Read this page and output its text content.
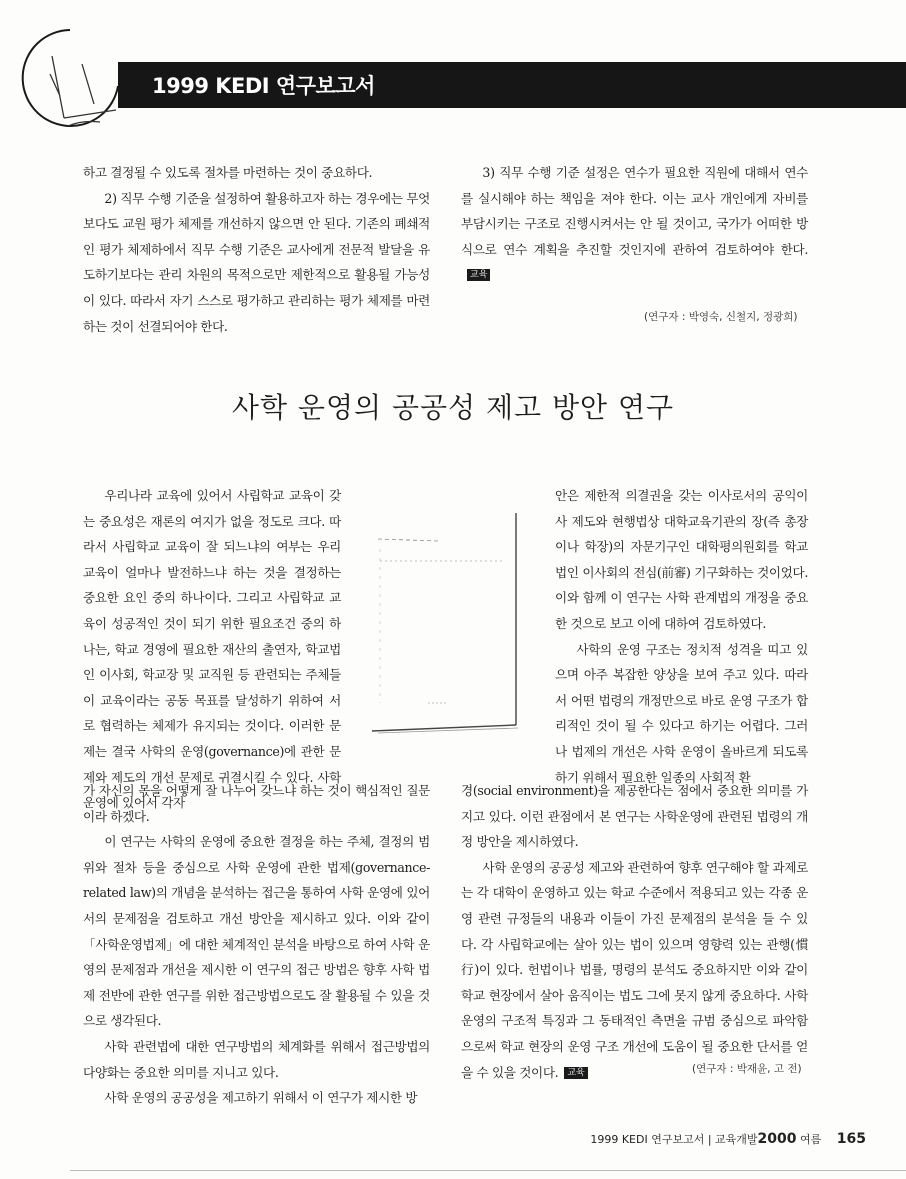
1999 KEDI 연구보고서

하고 결정될 수 있도록 절차를 마련하는 것이 중요하다.

2) 직무 수행 기준을 설정하여 활용하고자 하는 경우에는 무엇보다도 교원 평가 체제를 개선하지 않으면 안 된다. 기존의 폐쇄적인 평가 체제하에서 직무 수행 기준은 교사에게 전문적 발달을 유도하기보다는 관리 차원의 목적으로만 제한적으로 활용될 가능성이 있다. 따라서 자기 스스로 평가하고 관리하는 평가 체제를 마련하는 것이 선결되어야 한다.

3) 직무 수행 기준 설정은 연수가 필요한 직원에 대해서 연수를 실시해야 하는 책임을 져야 한다. 이는 교사 개인에게 자비를 부담시키는 구조로 진행시켜서는 안 될 것이고, 국가가 어떠한 방식으로 연수 계획을 추진할 것인지에 관하여 검토하여야 한다.교육

(연구자 : 박영숙, 신철지, 정광희)
사학 운영의 공공성 제고 방안 연구

우리나라 교육에 있어서 사립학교 교육이 갖는 중요성은 재론의 여지가 없을 정도로 크다. 따라서 사립학교 교육이 잘 되느냐의 여부는 우리 교육이 얼마나 발전하느냐 하는 것을 결정하는 중요한 요인 중의 하나이다. 그리고 사립학교 교육이 성공적인 것이 되기 위한 필요조건 중의 하나는, 학교 경영에 필요한 재산의 출연자, 학교법인 이사회, 학교장 및 교직원 등 관련되는 주체들이 교육이라는 공동 목표를 달성하기 위하여 서로 협력하는 체제가 유지되는 것이다. 이러한 문제는 결국 사학의 운영(governance)에 관한 문제와 제도의 개선 문제로 귀결시킬 수 있다. 사학 운영에 있어서 각자

가 자신의 몫을 어떻게 잘 나누어 갖느냐 하는 것이 핵심적인 질문이라 하겠다.

이 연구는 사학의 운영에 중요한 결정을 하는 주체, 결정의 범위와 절차 등을 중심으로 사학 운영에 관한 법제(governance-related law)의 개념을 분석하는 접근을 통하여 사학 운영에 있어서의 문제점을 검토하고 개선 방안을 제시하고 있다. 이와 같이 「사학운영법제」에 대한 체계적인 분석을 바탕으로 하여 사학 운영의 문제점과 개선을 제시한 이 연구의 접근 방법은 향후 사학 법제 전반에 관한 연구를 위한 접근방법으로도 잘 활용될 수 있을 것으로 생각된다.

사학 관련법에 대한 연구방법의 체계화를 위해서 접근방법의 다양화는 중요한 의미를 지니고 있다.

사학 운영의 공공성을 제고하기 위해서 이 연구가 제시한 방

안은 제한적 의결권을 갖는 이사로서의 공익이사 제도와 현행법상 대학교육기관의 장(즉 총장이나 학장)의 자문기구인 대학평의원회를 학교법인 이사회의 전심(前審) 기구화하는 것이었다. 이와 함께 이 연구는 사학 관계법의 개정을 중요한 것으로 보고 이에 대하여 검토하였다.

사학의 운영 구조는 정치적 성격을 띠고 있으며 아주 복잡한 양상을 보여 주고 있다. 따라서 어떤 법령의 개정만으로 바로 운영 구조가 합리적인 것이 될 수 있다고 하기는 어렵다. 그러나 법제의 개선은 사학 운영이 올바르게 되도록 하기 위해서 필요한 일종의 사회적 환

경(social environment)을 제공한다는 점에서 중요한 의미를 가지고 있다. 이런 관점에서 본 연구는 사학운영에 관련된 법령의 개정 방안을 제시하였다.

사학 운영의 공공성 제고와 관련하여 향후 연구해야 할 과제로는 각 대학이 운영하고 있는 학교 수준에서 적용되고 있는 각종 운영 관련 규정들의 내용과 이들이 가진 문제점의 분석을 들 수 있다. 각 사립학교에는 살아 있는 법이 있으며 영향력 있는 관행(慣行)이 있다. 헌법이나 법률, 명령의 분석도 중요하지만 이와 같이 학교 현장에서 살아 움직이는 법도 그에 못지 않게 중요하다. 사학 운영의 구조적 특징과 그 동태적인 측면을 규범 중심으로 파악함으로써 학교 현장의 운영 구조 개선에 도움이 될 중요한 단서를 얻을 수 있을 것이다. 교육	(연구자 : 박재윤, 고 전)
1999 KEDI 연구보고서 | 교육개발2000 여름 165
